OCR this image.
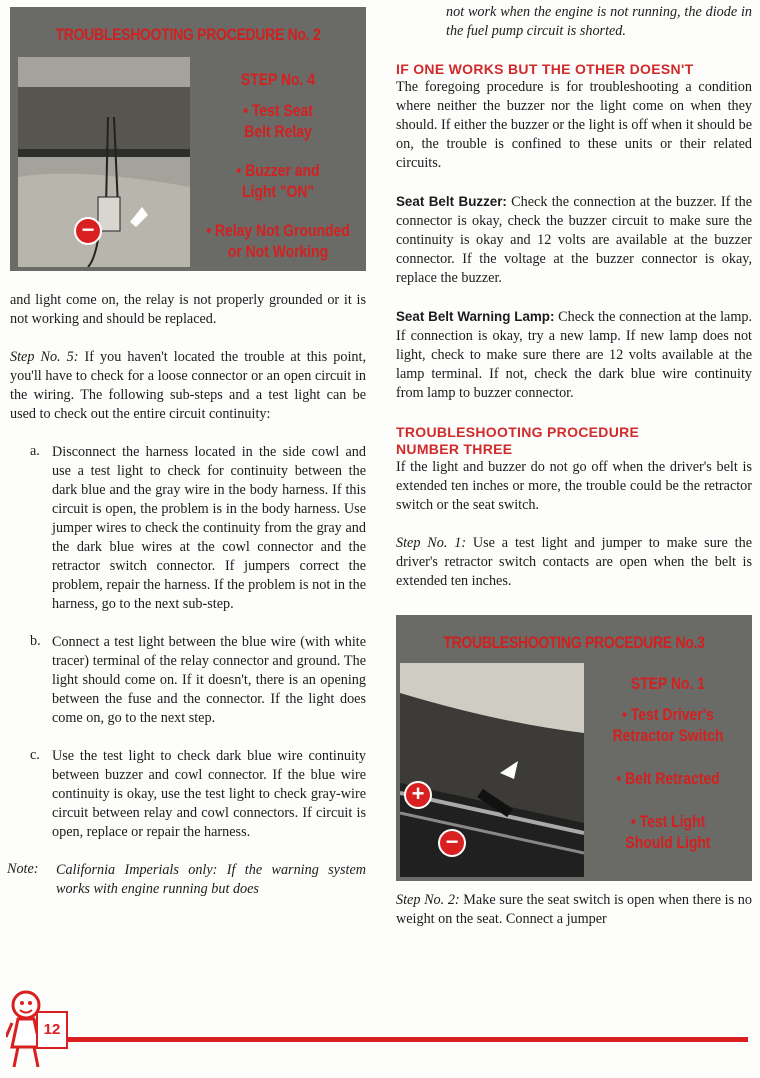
TROUBLESHOOTING PROCEDURE No. 2
−
STEP No. 4
• Test Seat
Belt Relay
• Buzzer and
Light "ON"
• Relay Not Grounded
or Not Working

and light come on, the relay is not properly grounded or it is not working and should be replaced.

Step No. 5: If you haven't located the trouble at this point, you'll have to check for a loose connector or an open circuit in the wiring. The following sub-steps and a test light can be used to check out the entire circuit continuity:

a. Disconnect the harness located in the side cowl and use a test light to check for continuity between the dark blue and the gray wire in the body harness. If this circuit is open, the problem is in the body harness. Use jumper wires to check the continuity from the gray and the dark blue wires at the cowl connector and the retractor switch connector. If jumpers correct the problem, repair the harness. If the problem is not in the harness, go to the next sub-step.

b. Connect a test light between the blue wire (with white tracer) terminal of the relay connector and ground. The light should come on. If it doesn't, there is an opening between the fuse and the connector. If the light does come on, go to the next step.

c. Use the test light to check dark blue wire continuity between buzzer and cowl connector. If the blue wire continuity is okay, use the test light to check gray-wire circuit between relay and cowl connectors. If circuit is open, replace or repair the harness.

Note: California Imperials only: If the warning system works with engine running but does

not work when the engine is not running, the diode in the fuel pump circuit is shorted.

IF ONE WORKS BUT THE OTHER DOESN'T

The foregoing procedure is for troubleshooting a condition where neither the buzzer nor the light come on when they should. If either the buzzer or the light is off when it should be on, the trouble is confined to these units or their related circuits.

Seat Belt Buzzer: Check the connection at the buzzer. If the connector is okay, check the buzzer circuit to make sure the continuity is okay and 12 volts are available at the buzzer connector. If the voltage at the buzzer connector is okay, replace the buzzer.

Seat Belt Warning Lamp: Check the connection at the lamp. If connection is okay, try a new lamp. If new lamp does not light, check to make sure there are 12 volts available at the lamp terminal. If not, check the dark blue wire continuity from lamp to buzzer connector.

TROUBLESHOOTING PROCEDURE NUMBER THREE

If the light and buzzer do not go off when the driver's belt is extended ten inches or more, the trouble could be the retractor switch or the seat switch.

Step No. 1: Use a test light and jumper to make sure the driver's retractor switch contacts are open when the belt is extended ten inches.

TROUBLESHOOTING PROCEDURE No.3
+
−
STEP No. 1
• Test Driver's
Retractor Switch
• Belt Retracted
• Test Light
Should Light

Step No. 2: Make sure the seat switch is open when there is no weight on the seat. Connect a jumper

12
